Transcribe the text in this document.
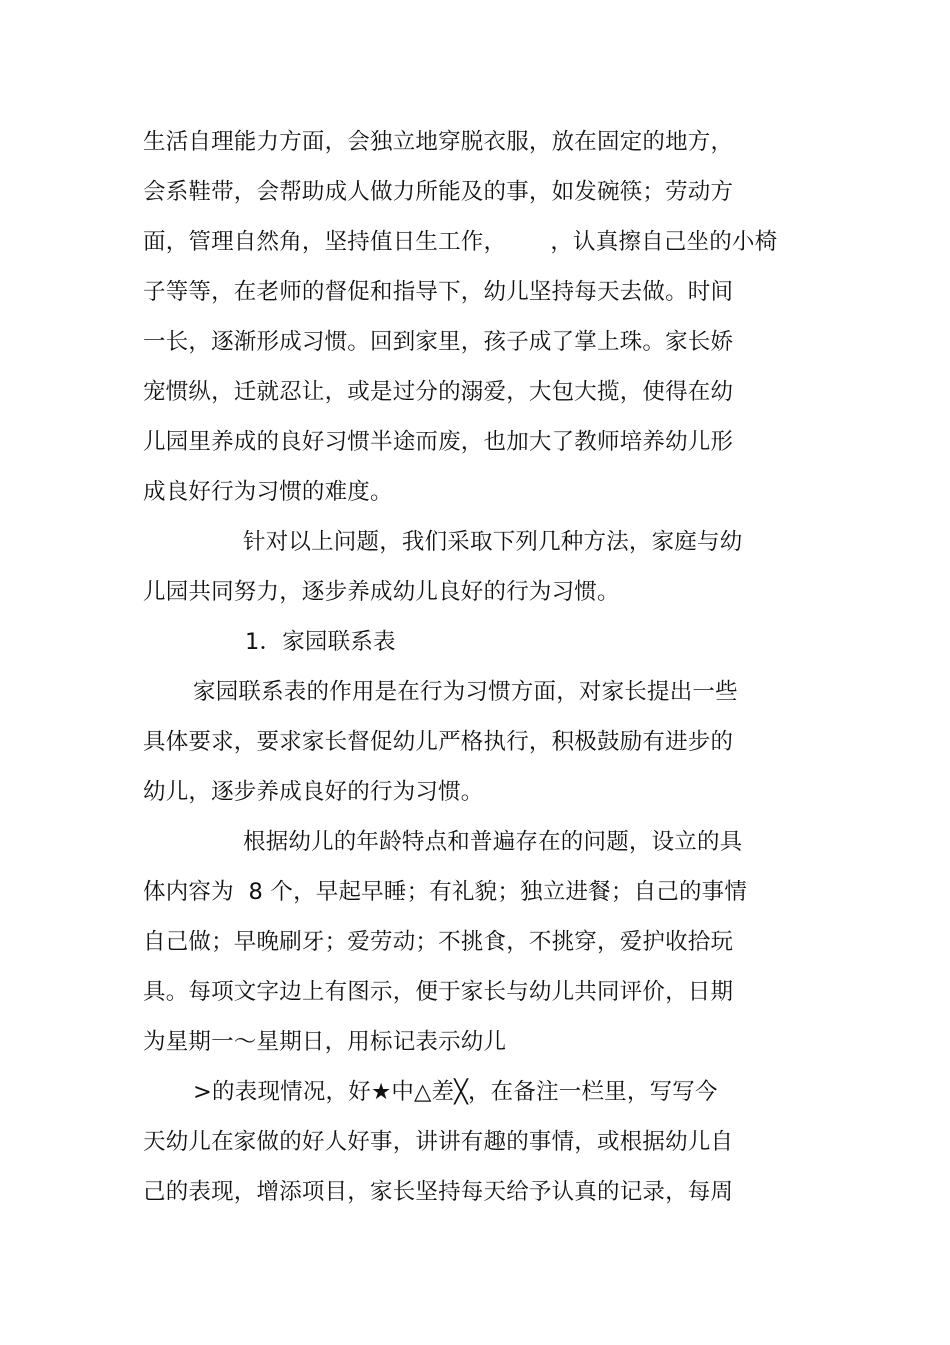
生活自理能力方面，会独立地穿脱衣服，放在固定的地方，
会系鞋带，会帮助成人做力所能及的事，如发碗筷；劳动方
面，管理自然角，坚持值日生工作，      ，认真擦自己坐的小椅
子等等，在老师的督促和指导下，幼儿坚持每天去做。时间
一长，逐渐形成习惯。回到家里，孩子成了掌上珠。家长娇
宠惯纵，迁就忍让，或是过分的溺爱，大包大揽，使得在幼
儿园里养成的良好习惯半途而废，也加大了教师培养幼儿形
成良好行为习惯的难度。
针对以上问题，我们采取下列几种方法，家庭与幼
儿园共同努力，逐步养成幼儿良好的行为习惯。
1．家园联系表
家园联系表的作用是在行为习惯方面，对家长提出一些
具体要求，要求家长督促幼儿严格执行，积极鼓励有进步的
幼儿，逐步养成良好的行为习惯。
根据幼儿的年龄特点和普遍存在的问题，设立的具
体内容为  8 个，早起早睡；有礼貌；独立进餐；自己的事情
自己做；早晚刷牙；爱劳动；不挑食，不挑穿，爱护收拾玩
具。每项文字边上有图示，便于家长与幼儿共同评价，日期
为星期一～星期日，用标记表示幼儿
>的表现情况，好★中△差╳，在备注一栏里，写写今
天幼儿在家做的好人好事，讲讲有趣的事情，或根据幼儿自
己的表现，增添项目，家长坚持每天给予认真的记录，每周
